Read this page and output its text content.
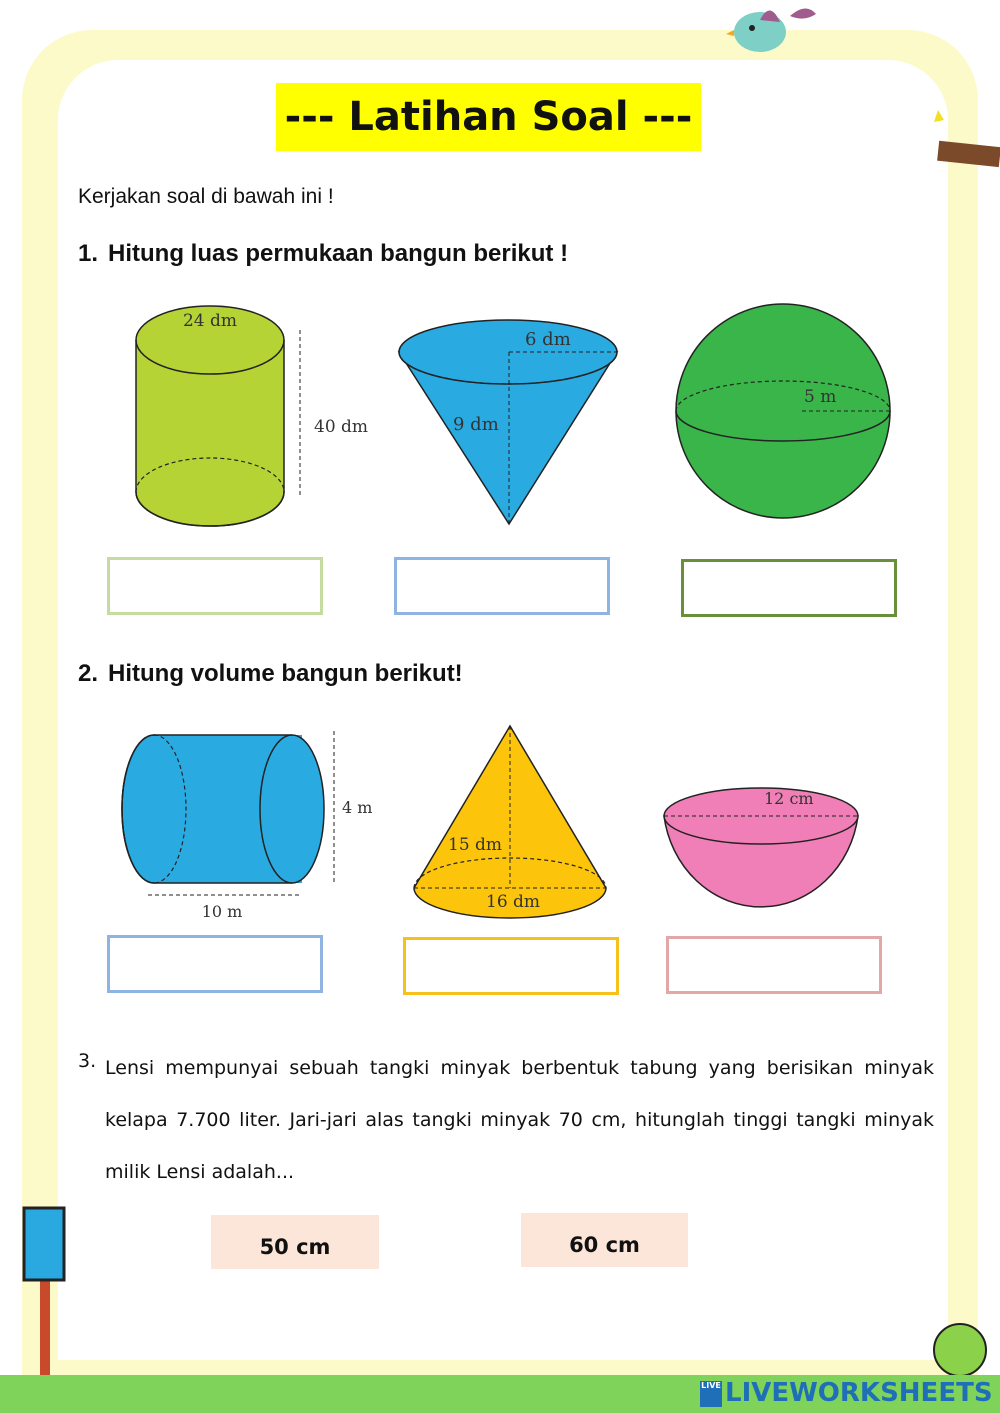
--- Latihan Soal ---
Kerjakan soal di bawah ini !
1. Hitung luas permukaan bangun berikut !
24 dm
40 dm
6 dm
9 dm
5 m
2. Hitung volume bangun berikut!
4 m
10 m
15 dm
16 dm
12 cm
3. Lensi mempunyai sebuah tangki minyak berbentuk tabung yang berisikan minyak kelapa 7.700 liter. Jari-jari alas tangki minyak 70 cm, hitunglah tinggi tangki minyak milik Lensi adalah...
50 cm	60 cm
LIVE LIVEWORKSHEETS
